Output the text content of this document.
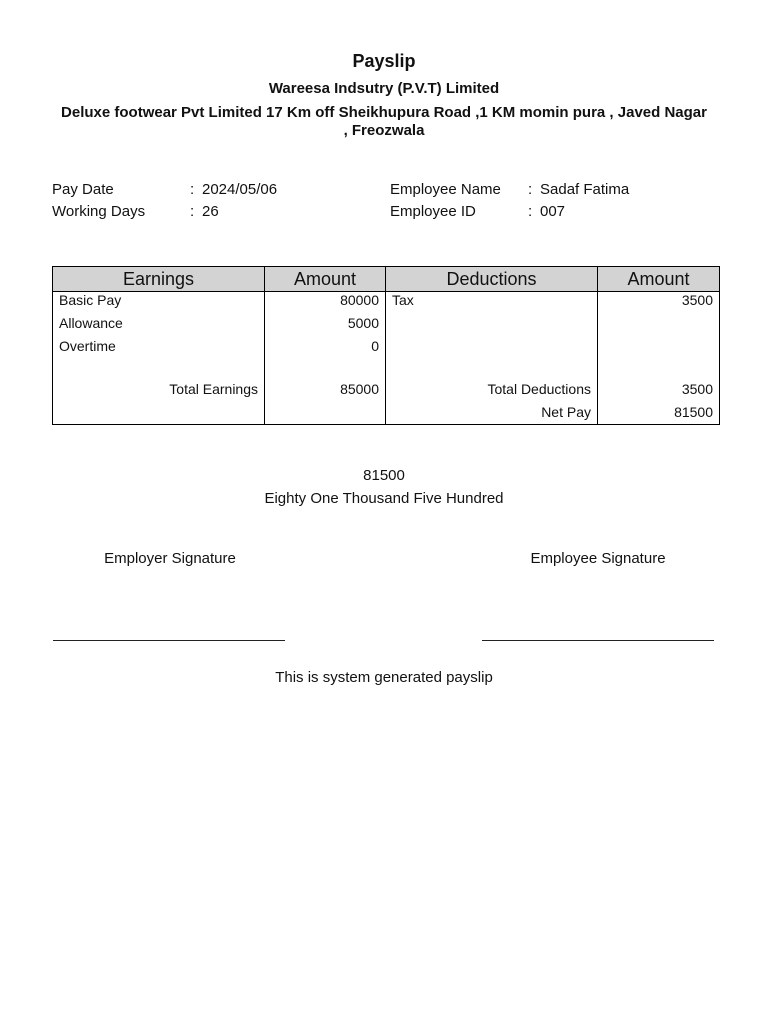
Payslip
Wareesa Indsutry (P.V.T) Limited
Deluxe footwear Pvt Limited 17 Km off Sheikhupura Road ,1 KM momin pura , Javed Nagar , Freozwala
Pay Date	: 2024/05/06
Working Days	: 26
Employee Name : Sadaf Fatima
Employee ID	: 007
Earnings	Amount	Deductions	Amount
Basic Pay	80000	Tax	3500
Allowance	5000		
Overtime	0		

Total Earnings	85000	Total Deductions	3500
		Net Pay	81500
81500
Eighty One Thousand Five Hundred
Employer Signature	Employee Signature
This is system generated payslip
